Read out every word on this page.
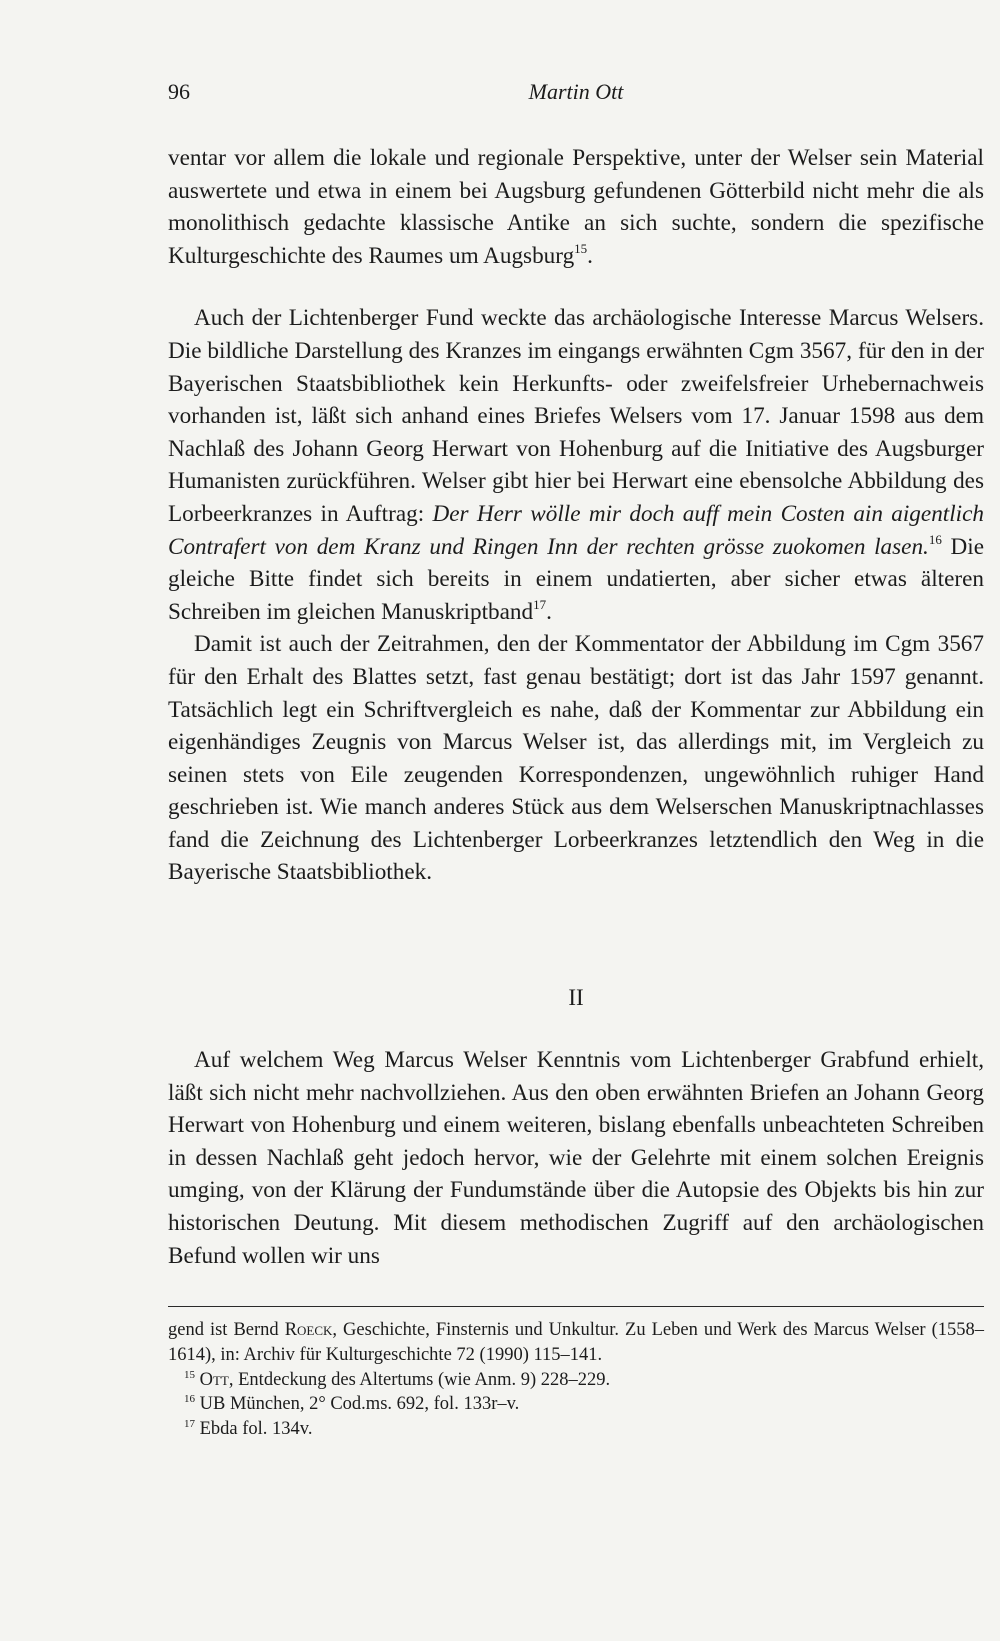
96	Martin Ott

ventar vor allem die lokale und regionale Perspektive, unter der Welser sein Material auswertete und etwa in einem bei Augsburg gefundenen Götterbild nicht mehr die als monolithisch gedachte klassische Antike an sich suchte, sondern die spezifische Kulturgeschichte des Raumes um Augsburg$^{15}$.

Auch der Lichtenberger Fund weckte das archäologische Interesse Marcus Welsers. Die bildliche Darstellung des Kranzes im eingangs erwähnten Cgm 3567, für den in der Bayerischen Staatsbibliothek kein Herkunfts- oder zweifelsfreier Urhebernachweis vorhanden ist, läßt sich anhand eines Briefes Welsers vom 17. Januar 1598 aus dem Nachlaß des Johann Georg Herwart von Hohenburg auf die Initiative des Augsburger Humanisten zurückführen. Welser gibt hier bei Herwart eine ebensolche Abbildung des Lorbeerkranzes in Auftrag: Der Herr wölle mir doch auff mein Costen ain aigentlich Contrafert von dem Kranz und Ringen Inn der rechten grösse zuokomen lasen.$^{16}$ Die gleiche Bitte findet sich bereits in einem undatierten, aber sicher etwas älteren Schreiben im gleichen Manuskriptband$^{17}$.

Damit ist auch der Zeitrahmen, den der Kommentator der Abbildung im Cgm 3567 für den Erhalt des Blattes setzt, fast genau bestätigt; dort ist das Jahr 1597 genannt. Tatsächlich legt ein Schriftvergleich es nahe, daß der Kommentar zur Abbildung ein eigenhändiges Zeugnis von Marcus Welser ist, das allerdings mit, im Vergleich zu seinen stets von Eile zeugenden Korrespondenzen, ungewöhnlich ruhiger Hand geschrieben ist. Wie manch anderes Stück aus dem Welserschen Manuskriptnachlasses fand die Zeichnung des Lichtenberger Lorbeerkranzes letztendlich den Weg in die Bayerische Staatsbibliothek.

II

Auf welchem Weg Marcus Welser Kenntnis vom Lichtenberger Grabfund erhielt, läßt sich nicht mehr nachvollziehen. Aus den oben erwähnten Briefen an Johann Georg Herwart von Hohenburg und einem weiteren, bislang ebenfalls unbeachteten Schreiben in dessen Nachlaß geht jedoch hervor, wie der Gelehrte mit einem solchen Ereignis umging, von der Klärung der Fundumstände über die Autopsie des Objekts bis hin zur historischen Deutung. Mit diesem methodischen Zugriff auf den archäologischen Befund wollen wir uns

gend ist Bernd Roeck, Geschichte, Finsternis und Unkultur. Zu Leben und Werk des Marcus Welser (1558–1614), in: Archiv für Kulturgeschichte 72 (1990) 115–141.

$^{15}$ Ott, Entdeckung des Altertums (wie Anm. 9) 228–229.

$^{16}$ UB München, 2° Cod.ms. 692, fol. 133r–v.

$^{17}$ Ebda fol. 134v.
